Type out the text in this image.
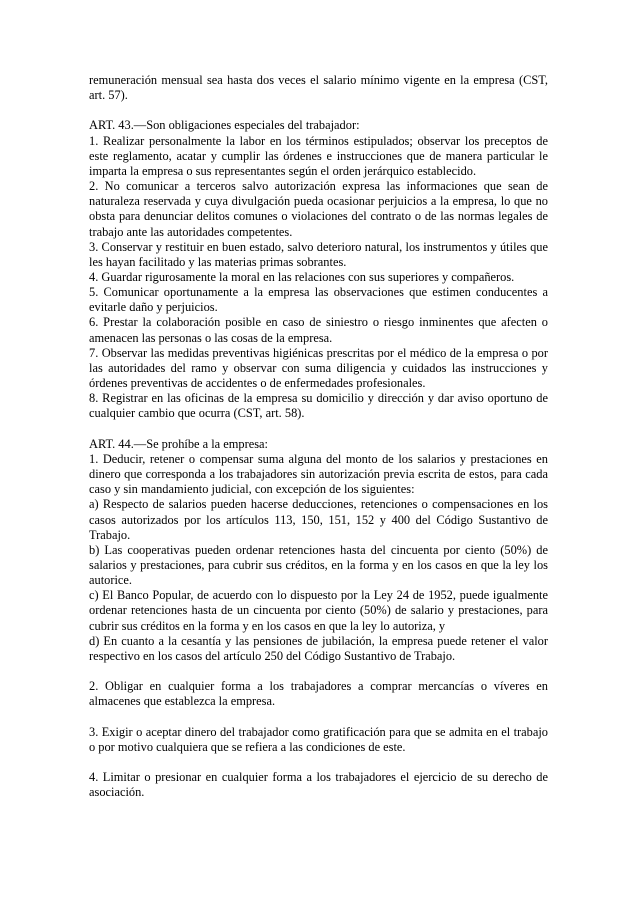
remuneración mensual sea hasta dos veces el salario mínimo vigente en la empresa (CST, art. 57).

ART. 43.—Son obligaciones especiales del trabajador:

1. Realizar personalmente la labor en los términos estipulados; observar los preceptos de este reglamento, acatar y cumplir las órdenes e instrucciones que de manera particular le imparta la empresa o sus representantes según el orden jerárquico establecido.

2. No comunicar a terceros salvo autorización expresa las informaciones que sean de naturaleza reservada y cuya divulgación pueda ocasionar perjuicios a la empresa, lo que no obsta para denunciar delitos comunes o violaciones del contrato o de las normas legales de trabajo ante las autoridades competentes.

3. Conservar y restituir en buen estado, salvo deterioro natural, los instrumentos y útiles que les hayan facilitado y las materias primas sobrantes.

4. Guardar rigurosamente la moral en las relaciones con sus superiores y compañeros.

5. Comunicar oportunamente a la empresa las observaciones que estimen conducentes a evitarle daño y perjuicios.

6. Prestar la colaboración posible en caso de siniestro o riesgo inminentes que afecten o amenacen las personas o las cosas de la empresa.

7. Observar las medidas preventivas higiénicas prescritas por el médico de la empresa o por las autoridades del ramo y observar con suma diligencia y cuidados las instrucciones y órdenes preventivas de accidentes o de enfermedades profesionales.

8. Registrar en las oficinas de la empresa su domicilio y dirección y dar aviso oportuno de cualquier cambio que ocurra (CST, art. 58).

ART. 44.—Se prohíbe a la empresa:

1. Deducir, retener o compensar suma alguna del monto de los salarios y prestaciones en dinero que corresponda a los trabajadores sin autorización previa escrita de estos, para cada caso y sin mandamiento judicial, con excepción de los siguientes:

a) Respecto de salarios pueden hacerse deducciones, retenciones o compensaciones en los casos autorizados por los artículos 113, 150, 151, 152 y 400 del Código Sustantivo de Trabajo.

b) Las cooperativas pueden ordenar retenciones hasta del cincuenta por ciento (50%) de salarios y prestaciones, para cubrir sus créditos, en la forma y en los casos en que la ley los autorice.

c) El Banco Popular, de acuerdo con lo dispuesto por la Ley 24 de 1952, puede igualmente ordenar retenciones hasta de un cincuenta por ciento (50%) de salario y prestaciones, para cubrir sus créditos en la forma y en los casos en que la ley lo autoriza, y

d) En cuanto a la cesantía y las pensiones de jubilación, la empresa puede retener el valor respectivo en los casos del artículo 250 del Código Sustantivo de Trabajo.

2. Obligar en cualquier forma a los trabajadores a comprar mercancías o víveres en almacenes que establezca la empresa.

3. Exigir o aceptar dinero del trabajador como gratificación para que se admita en el trabajo o por motivo cualquiera que se refiera a las condiciones de este.

4. Limitar o presionar en cualquier forma a los trabajadores el ejercicio de su derecho de asociación.
